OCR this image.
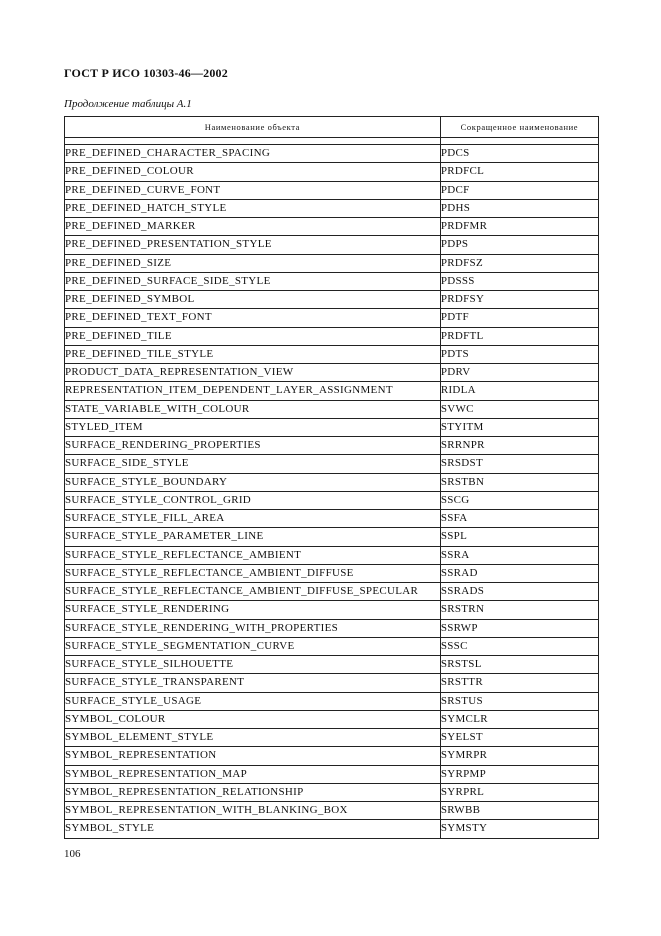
ГОСТ Р ИСО 10303-46—2002
Продолжение таблицы А.1
Наименование объекта	Сокращенное наименование

PRE_DEFINED_CHARACTER_SPACING	PDCS
PRE_DEFINED_COLOUR	PRDFCL
PRE_DEFINED_CURVE_FONT	PDCF
PRE_DEFINED_HATCH_STYLE	PDHS
PRE_DEFINED_MARKER	PRDFMR
PRE_DEFINED_PRESENTATION_STYLE	PDPS
PRE_DEFINED_SIZE	PRDFSZ
PRE_DEFINED_SURFACE_SIDE_STYLE	PDSSS
PRE_DEFINED_SYMBOL	PRDFSY
PRE_DEFINED_TEXT_FONT	PDTF
PRE_DEFINED_TILE	PRDFTL
PRE_DEFINED_TILE_STYLE	PDTS
PRODUCT_DATA_REPRESENTATION_VIEW	PDRV
REPRESENTATION_ITEM_DEPENDENT_LAYER_ASSIGNMENT	RIDLA
STATE_VARIABLE_WITH_COLOUR	SVWC
STYLED_ITEM	STYITM
SURFACE_RENDERING_PROPERTIES	SRRNPR
SURFACE_SIDE_STYLE	SRSDST
SURFACE_STYLE_BOUNDARY	SRSTBN
SURFACE_STYLE_CONTROL_GRID	SSCG
SURFACE_STYLE_FILL_AREA	SSFA
SURFACE_STYLE_PARAMETER_LINE	SSPL
SURFACE_STYLE_REFLECTANCE_AMBIENT	SSRA
SURFACE_STYLE_REFLECTANCE_AMBIENT_DIFFUSE	SSRAD
SURFACE_STYLE_REFLECTANCE_AMBIENT_DIFFUSE_SPECULAR	SSRADS
SURFACE_STYLE_RENDERING	SRSTRN
SURFACE_STYLE_RENDERING_WITH_PROPERTIES	SSRWP
SURFACE_STYLE_SEGMENTATION_CURVE	SSSC
SURFACE_STYLE_SILHOUETTE	SRSTSL
SURFACE_STYLE_TRANSPARENT	SRSTTR
SURFACE_STYLE_USAGE	SRSTUS
SYMBOL_COLOUR	SYMCLR
SYMBOL_ELEMENT_STYLE	SYELST
SYMBOL_REPRESENTATION	SYMRPR
SYMBOL_REPRESENTATION_MAP	SYRPMP
SYMBOL_REPRESENTATION_RELATIONSHIP	SYRPRL
SYMBOL_REPRESENTATION_WITH_BLANKING_BOX	SRWBB
SYMBOL_STYLE	SYMSTY
106
